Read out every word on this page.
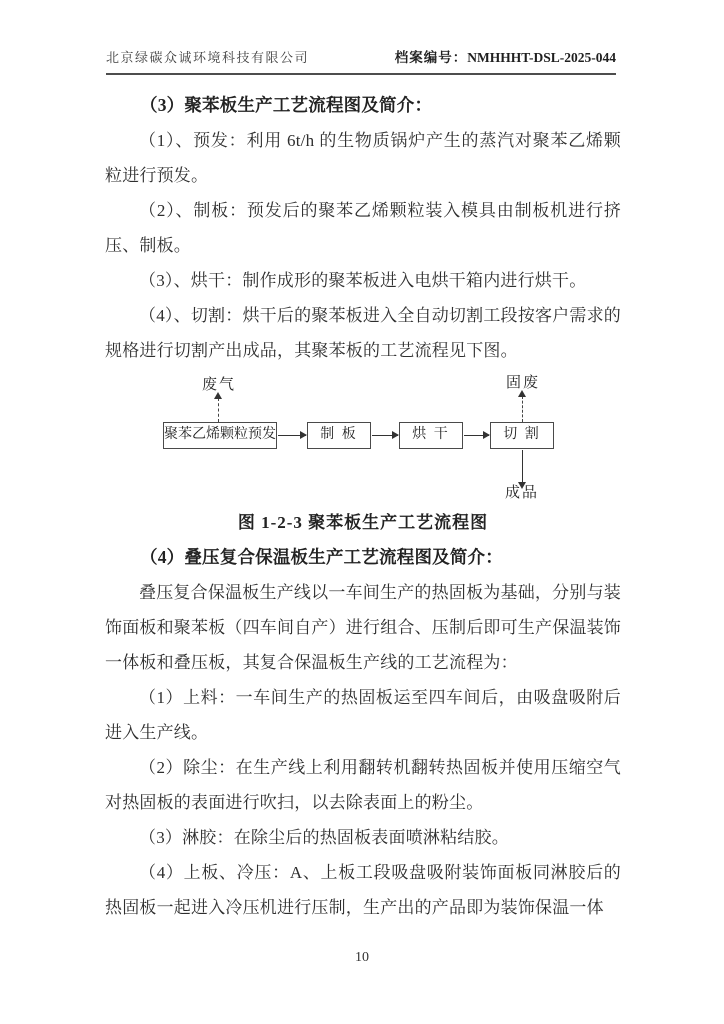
北京绿碳众诚环境科技有限公司	档案编号：NMHHHT-DSL-2025-044

（3）聚苯板生产工艺流程图及简介：

（1）、预发：利用 6t/h 的生物质锅炉产生的蒸汽对聚苯乙烯颗粒进行预发。

（2）、制板：预发后的聚苯乙烯颗粒装入模具由制板机进行挤压、制板。

（3）、烘干：制作成形的聚苯板进入电烘干箱内进行烘干。

（4）、切割：烘干后的聚苯板进入全自动切割工段按客户需求的规格进行切割产出成品，其聚苯板的工艺流程见下图。

废气
聚苯乙烯颗粒预发	制 板	烘 干	切 割
固废
成品

图 1-2-3 聚苯板生产工艺流程图

（4）叠压复合保温板生产工艺流程图及简介：

叠压复合保温板生产线以一车间生产的热固板为基础，分别与装饰面板和聚苯板（四车间自产）进行组合、压制后即可生产保温装饰一体板和叠压板，其复合保温板生产线的工艺流程为：

（1）上料：一车间生产的热固板运至四车间后，由吸盘吸附后进入生产线。

（2）除尘：在生产线上利用翻转机翻转热固板并使用压缩空气对热固板的表面进行吹扫，以去除表面上的粉尘。

（3）淋胶：在除尘后的热固板表面喷淋粘结胶。

（4）上板、冷压：A、上板工段吸盘吸附装饰面板同淋胶后的热固板一起进入冷压机进行压制，生产出的产品即为装饰保温一体

10
